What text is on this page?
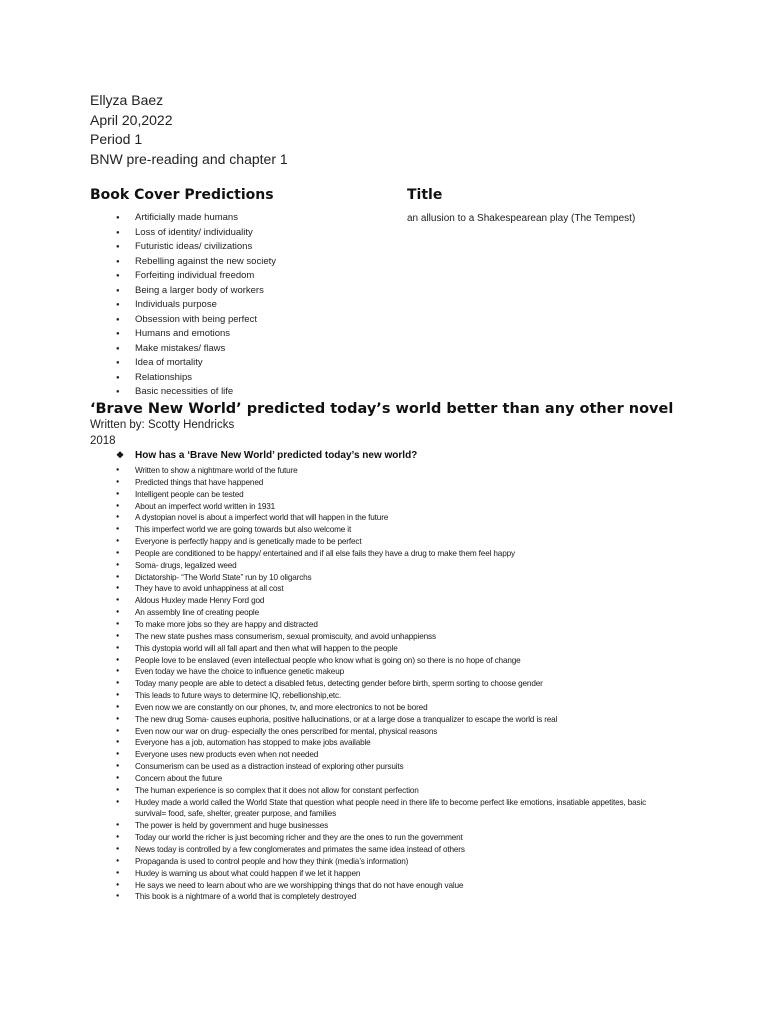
Ellyza Baez
April 20,2022
Period 1
BNW pre-reading and chapter 1
Book Cover Predictions	Title
an allusion to a Shakespearean play (The Tempest)
● Artificially made humans
● Loss of identity/ individuality
● Futuristic ideas/ civilizations
● Rebelling against the new society
● Forfeiting individual freedom
● Being a larger body of workers
● Individuals purpose
● Obsession with being perfect
● Humans and emotions
● Make mistakes/ flaws
● Idea of mortality
● Relationships
● Basic necessities of life
‘Brave New World’ predicted today’s world better than any other novel
Written by: Scotty Hendricks
2018
❖ How has a ‘Brave New World’ predicted today’s new world?
● Written to show a nightmare world of the future
● Predicted things that have happened
● Intelligent people can be tested
● About an imperfect world written in 1931
● A dystopian novel is about a imperfect world that will happen in the future
● This imperfect world we are going towards but also welcome it
● Everyone is perfectly happy and is genetically made to be perfect
● People are conditioned to be happy/ entertained and if all else fails they have a drug to make them feel happy
● Soma- drugs, legalized weed
● Dictatorship- “The World State” run by 10 oligarchs
● They have to avoid unhappiness at all cost
● Aldous Huxley made Henry Ford god
● An assembly line of creating people
● To make more jobs so they are happy and distracted
● The new state pushes mass consumerism, sexual promiscuity, and avoid unhappienss
● This dystopia world will all fall apart and then what will happen to the people
● People love to be enslaved (even intellectual people who know what is going on) so there is no hope of change
● Even today we have the choice to influence genetic makeup
● Today many people are able to detect a disabled fetus, detecting gender before birth, sperm sorting to choose gender
● This leads to future ways to determine IQ, rebellionship,etc.
● Even now we are constantly on our phones, tv, and more electronics to not be bored
● The new drug Soma- causes euphoria, positive hallucinations, or at a large dose a tranqualizer to escape the world is real
● Even now our war on drug- especially the ones perscribed for mental, physical reasons
● Everyone has a job, automation has stopped to make jobs available
● Everyone uses new products even when not needed
● Consumerism can be used as a distraction instead of exploring other pursuits
● Concern about the future
● The human experience is so complex that it does not allow for constant perfection
● Huxley made a world called the World State that question what people need in there life to become perfect like emotions, insatiable appetites, basic survival= food, safe, shelter, greater purpose, and families
● The power is held by government and huge businesses
● Today our world the richer is just becoming richer and they are the ones to run the government
● News today is controlled by a few conglomerates and primates the same idea instead of others
● Propaganda is used to control people and how they think (media’s information)
● Huxley is warning us about what could happen if we let it happen
● He says we need to learn about who are we worshipping things that do not have enough value
● This book is a nightmare of a world that is completely destroyed
